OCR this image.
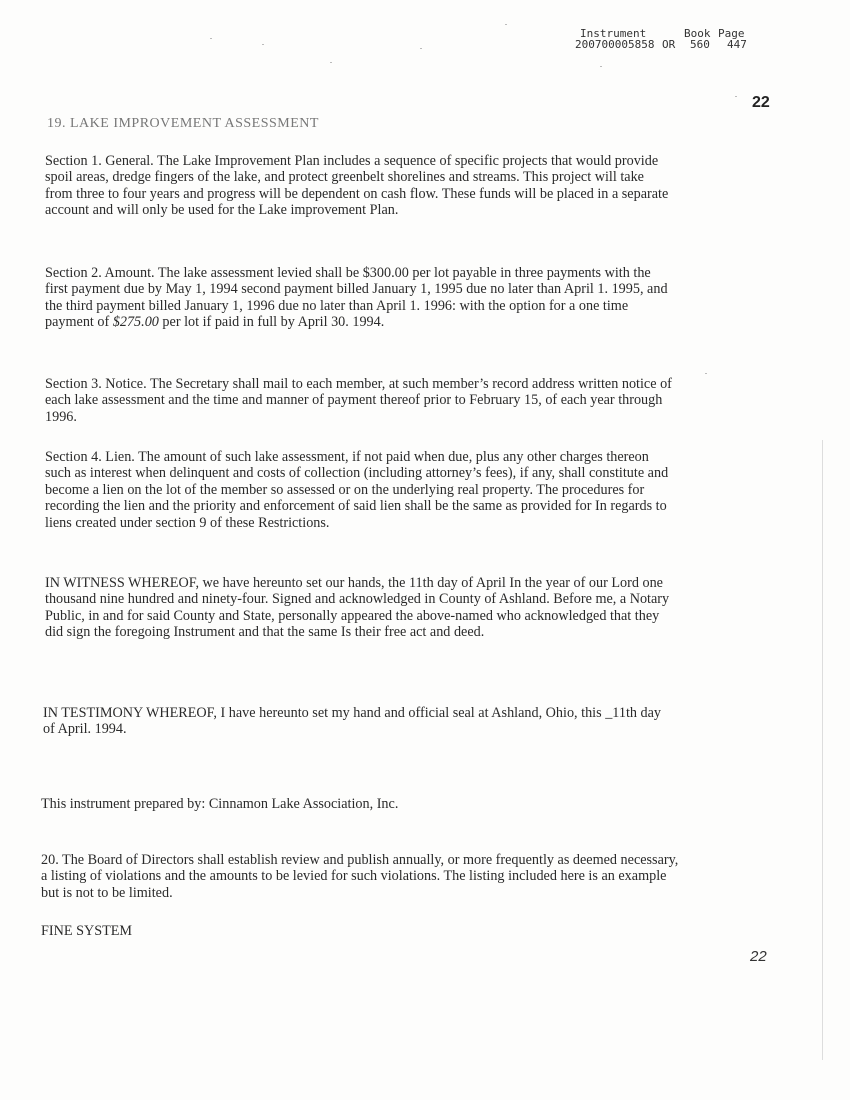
Instrument
200700005858 OR
Book
560
Page
447
22
19. LAKE IMPROVEMENT ASSESSMENT

Section 1. General. The Lake Improvement Plan includes a sequence of specific projects that would provide spoil areas, dredge fingers of the lake, and protect greenbelt shorelines and streams. This project will take from three to four years and progress will be dependent on cash flow. These funds will be placed in a separate account and will only be used for the Lake improvement Plan.

Section 2. Amount. The lake assessment levied shall be $300.00 per lot payable in three payments with the first payment due by May 1, 1994 second payment billed January 1, 1995 due no later than April 1. 1995, and the third payment billed January 1, 1996 due no later than April 1. 1996: with the option for a one time payment of $275.00 per lot if paid in full by April 30. 1994.

Section 3. Notice. The Secretary shall mail to each member, at such member’s record address written notice of each lake assessment and the time and manner of payment thereof prior to February 15, of each year through 1996.

Section 4. Lien. The amount of such lake assessment, if not paid when due, plus any other charges thereon such as interest when delinquent and costs of collection (including attorney’s fees), if any, shall constitute and become a lien on the lot of the member so assessed or on the underlying real property. The procedures for recording the lien and the priority and enforcement of said lien shall be the same as provided for In regards to liens created under section 9 of these Restrictions.

IN WITNESS WHEREOF, we have hereunto set our hands, the 11th day of April In the year of our Lord one thousand nine hundred and ninety-four. Signed and acknowledged in County of Ashland. Before me, a Notary Public, in and for said County and State, personally appeared the above-named who acknowledged that they did sign the foregoing Instrument and that the same Is their free act and deed.

IN TESTIMONY WHEREOF, I have hereunto set my hand and official seal at Ashland, Ohio, this _11th day of April. 1994.

This instrument prepared by: Cinnamon Lake Association, Inc.

20. The Board of Directors shall establish review and publish annually, or more frequently as deemed necessary, a listing of violations and the amounts to be levied for such violations. The listing included here is an example but is not to be limited.

FINE SYSTEM

22
